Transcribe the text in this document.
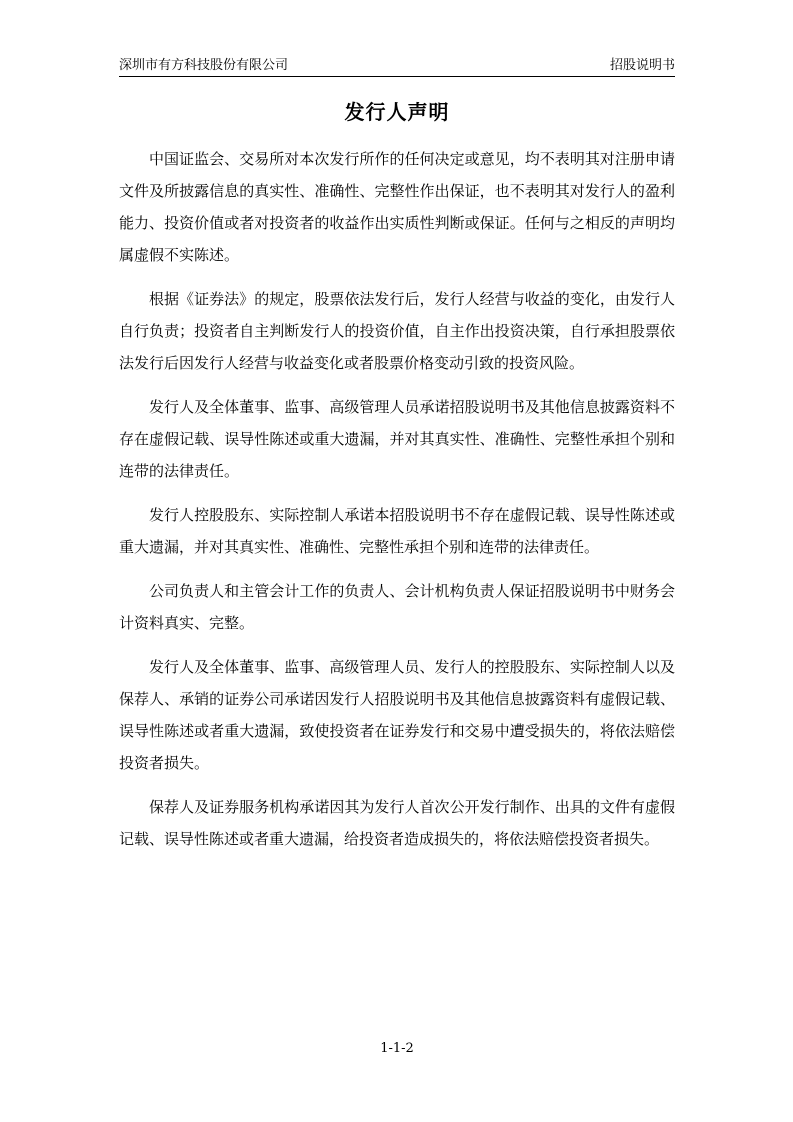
深圳市有方科技股份有限公司	招股说明书
发行人声明

中国证监会、交易所对本次发行所作的任何决定或意见，均不表明其对注册申请文件及所披露信息的真实性、准确性、完整性作出保证，也不表明其对发行人的盈利能力、投资价值或者对投资者的收益作出实质性判断或保证。任何与之相反的声明均属虚假不实陈述。

根据《证券法》的规定，股票依法发行后，发行人经营与收益的变化，由发行人自行负责；投资者自主判断发行人的投资价值，自主作出投资决策，自行承担股票依法发行后因发行人经营与收益变化或者股票价格变动引致的投资风险。

发行人及全体董事、监事、高级管理人员承诺招股说明书及其他信息披露资料不存在虚假记载、误导性陈述或重大遗漏，并对其真实性、准确性、完整性承担个别和连带的法律责任。

发行人控股股东、实际控制人承诺本招股说明书不存在虚假记载、误导性陈述或重大遗漏，并对其真实性、准确性、完整性承担个别和连带的法律责任。

公司负责人和主管会计工作的负责人、会计机构负责人保证招股说明书中财务会计资料真实、完整。

发行人及全体董事、监事、高级管理人员、发行人的控股股东、实际控制人以及保荐人、承销的证券公司承诺因发行人招股说明书及其他信息披露资料有虚假记载、误导性陈述或者重大遗漏，致使投资者在证券发行和交易中遭受损失的，将依法赔偿投资者损失。

保荐人及证券服务机构承诺因其为发行人首次公开发行制作、出具的文件有虚假记载、误导性陈述或者重大遗漏，给投资者造成损失的，将依法赔偿投资者损失。

1-1-2
